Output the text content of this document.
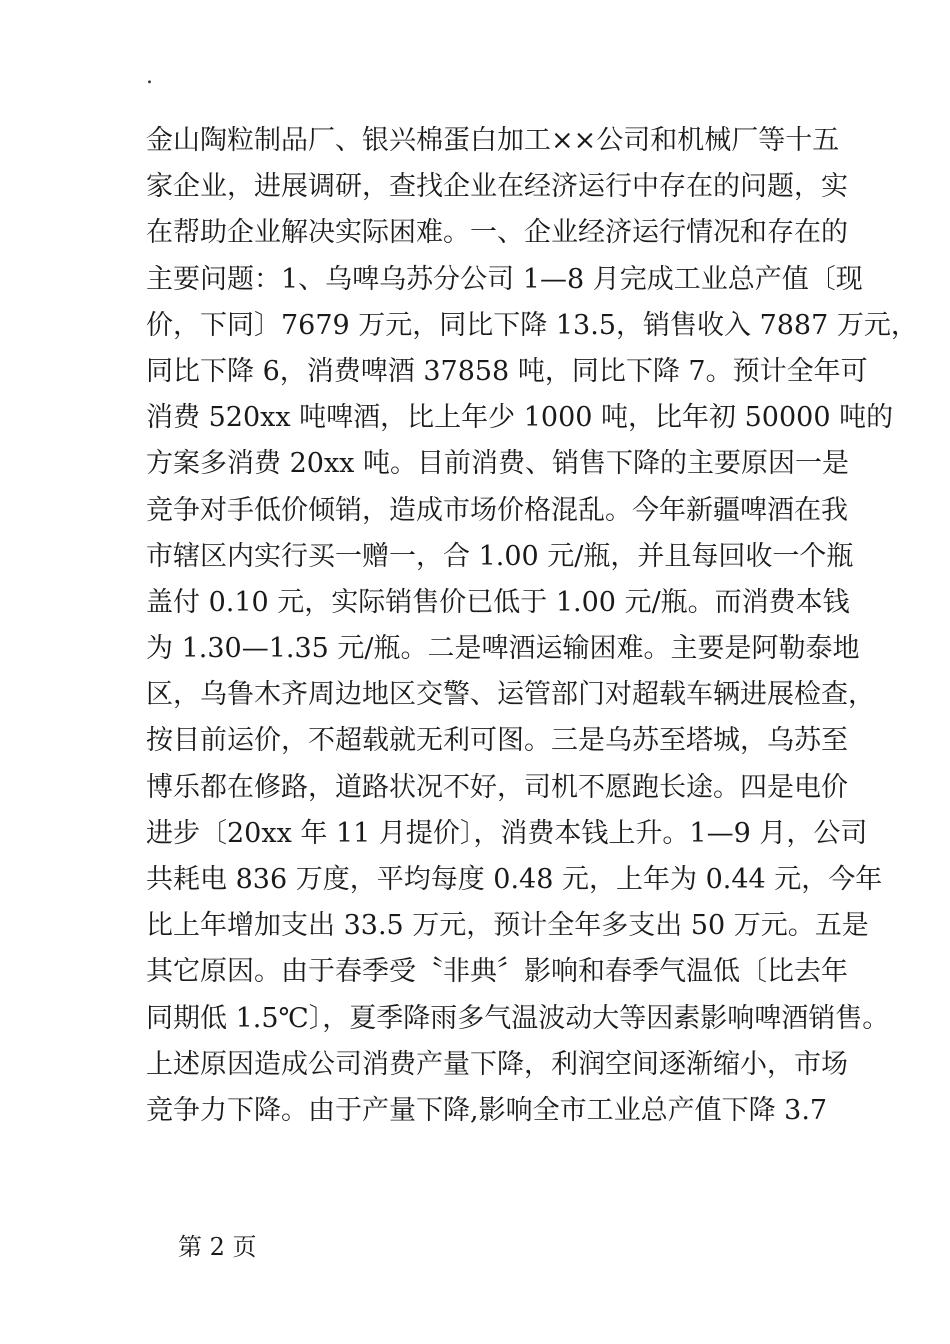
.
金山陶粒制品厂、银兴棉蛋白加工××公司和机械厂等十五
家企业，进展调研，查找企业在经济运行中存在的问题，实
在帮助企业解决实际困难。一、企业经济运行情况和存在的
主要问题：1、乌啤乌苏分公司 1—8 月完成工业总产值〔现
价，下同〕7679 万元，同比下降 13.5，销售收入 7887 万元，
同比下降 6，消费啤酒 37858 吨，同比下降 7。预计全年可
消费 520xx 吨啤酒，比上年少 1000 吨，比年初 50000 吨的
方案多消费 20xx 吨。目前消费、销售下降的主要原因一是
竞争对手低价倾销，造成市场价格混乱。今年新疆啤酒在我
市辖区内实行买一赠一，合 1.00 元/瓶，并且每回收一个瓶
盖付 0.10 元，实际销售价已低于 1.00 元/瓶。而消费本钱
为 1.30—1.35 元/瓶。二是啤酒运输困难。主要是阿勒泰地
区，乌鲁木齐周边地区交警、运管部门对超载车辆进展检查，
按目前运价，不超载就无利可图。三是乌苏至塔城，乌苏至
博乐都在修路，道路状况不好，司机不愿跑长途。四是电价
进步〔20xx 年 11 月提价〕，消费本钱上升。1—9 月，公司
共耗电 836 万度，平均每度 0.48 元，上年为 0.44 元，今年
比上年增加支出 33.5 万元，预计全年多支出 50 万元。五是
其它原因。由于春季受〝非典〞影响和春季气温低〔比去年
同期低 1.5℃〕，夏季降雨多气温波动大等因素影响啤酒销售。
上述原因造成公司消费产量下降，利润空间逐渐缩小，市场
竞争力下降。由于产量下降,影响全市工业总产值下降 3.7
第 2 页
